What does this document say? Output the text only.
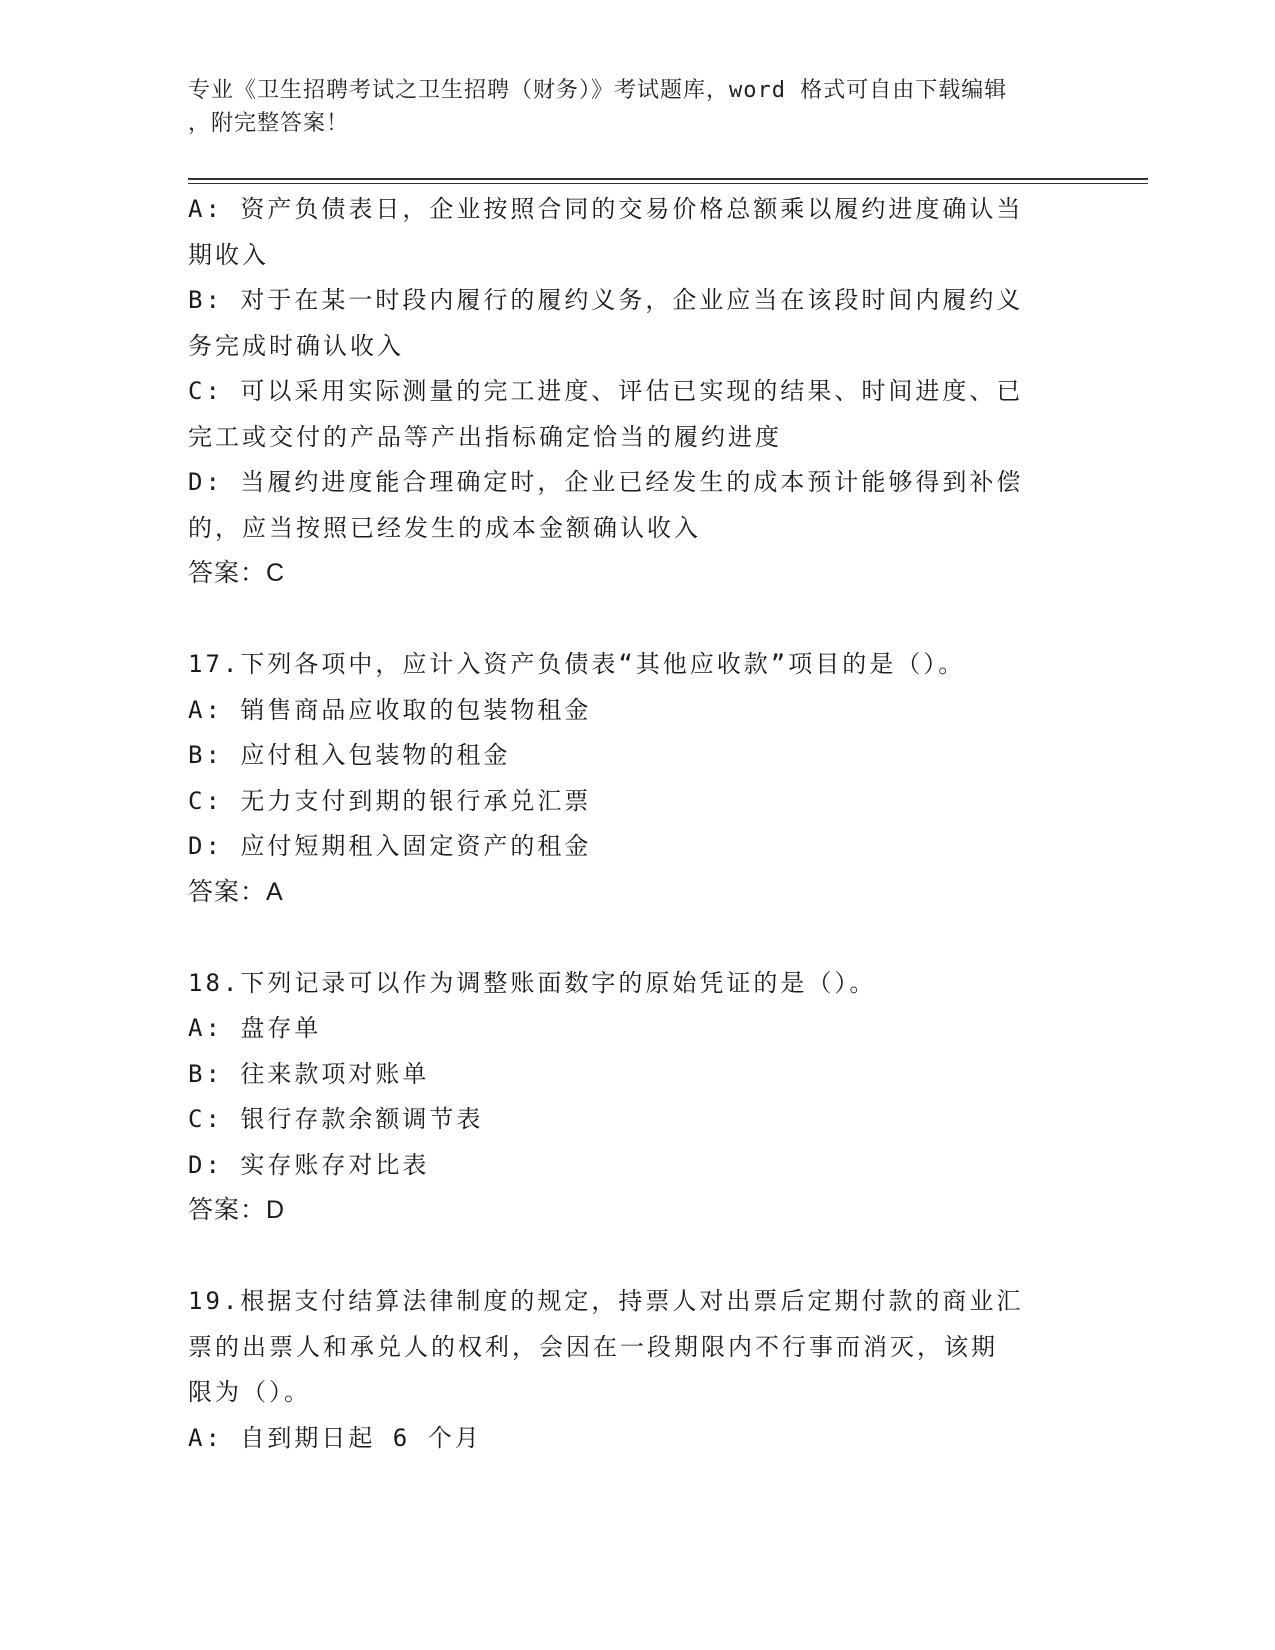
专业《卫生招聘考试之卫生招聘（财务）》考试题库，word 格式可自由下载编辑

，附完整答案！

A: 资产负债表日，企业按照合同的交易价格总额乘以履约进度确认当

期收入

B: 对于在某一时段内履行的履约义务，企业应当在该段时间内履约义

务完成时确认收入

C: 可以采用实际测量的完工进度、评估已实现的结果、时间进度、已

完工或交付的产品等产出指标确定恰当的履约进度

D: 当履约进度能合理确定时，企业已经发生的成本预计能够得到补偿

的，应当按照已经发生的成本金额确认收入

答案：C

17.下列各项中，应计入资产负债表“其他应收款”项目的是（）。

A: 销售商品应收取的包装物租金

B: 应付租入包装物的租金

C: 无力支付到期的银行承兑汇票

D: 应付短期租入固定资产的租金

答案：A

18.下列记录可以作为调整账面数字的原始凭证的是（）。

A: 盘存单

B: 往来款项对账单

C: 银行存款余额调节表

D: 实存账存对比表

答案：D

19.根据支付结算法律制度的规定，持票人对出票后定期付款的商业汇

票的出票人和承兑人的权利，会因在一段期限内不行事而消灭，该期

限为（）。

A: 自到期日起 6 个月
